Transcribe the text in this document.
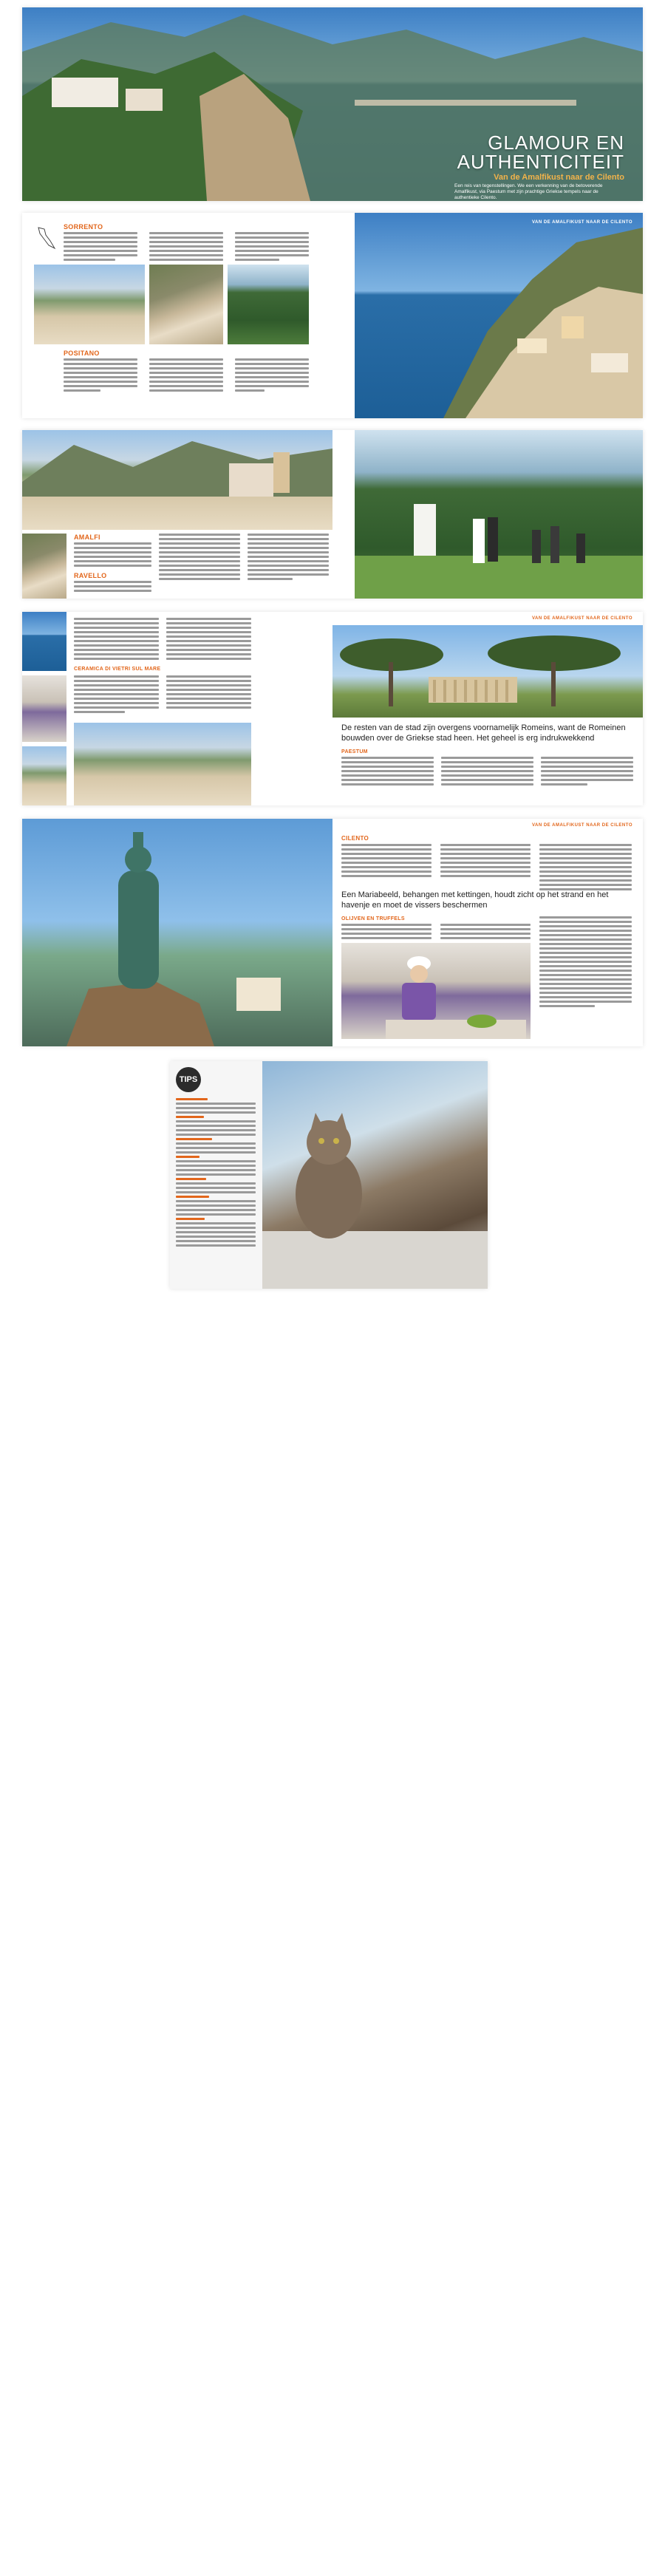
GLAMOUR EN
AUTHENTICITEIT
Van de Amalfikust naar de Cilento
Een reis van tegenstellingen. We een verkenning van de betoverende Amalfikust, via Paestum met zijn prachtige Griekse tempels naar de authentieke Cilento.
SORRENTO
POSITANO
VAN DE AMALFIKUST NAAR DE CILENTO
AMALFI
RAVELLO
CERAMICA DI VIETRI SUL MARE
VAN DE AMALFIKUST NAAR DE CILENTO
De resten van de stad zijn overgens voornamelijk Romeins, want de Romeinen bouwden over de Griekse stad heen. Het geheel is erg indrukwekkend
PAESTUM
VAN DE AMALFIKUST NAAR DE CILENTO
CILENTO
Een Mariabeeld, behangen met kettingen, houdt zicht op het strand en het havenje en moet de vissers beschermen
OLIJVEN EN TRUFFELS
TIPS
